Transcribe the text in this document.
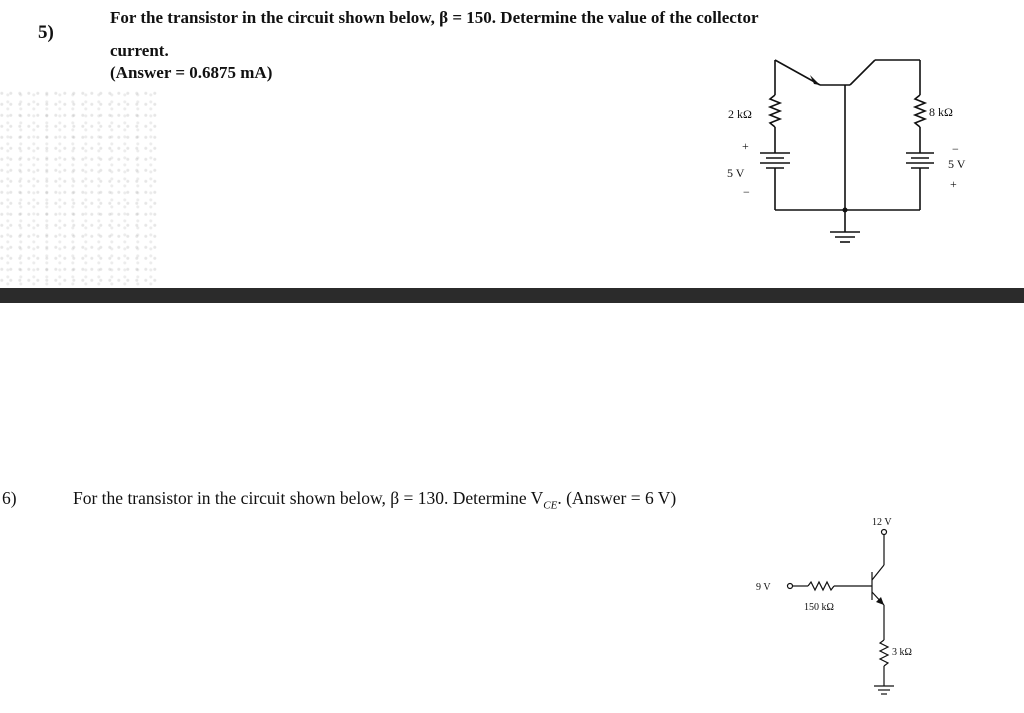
5)
For the transistor in the circuit shown below, β = 150. Determine the value of the collector
current.
(Answer = 0.6875 mA)
2 kΩ	8 kΩ
5 V
5 V
+
−
−
+
6)	For the transistor in the circuit shown below, β = 130. Determine $V_{CE}$. (Answer = 6 V)
12 V
9 V
150 kΩ
3 kΩ
